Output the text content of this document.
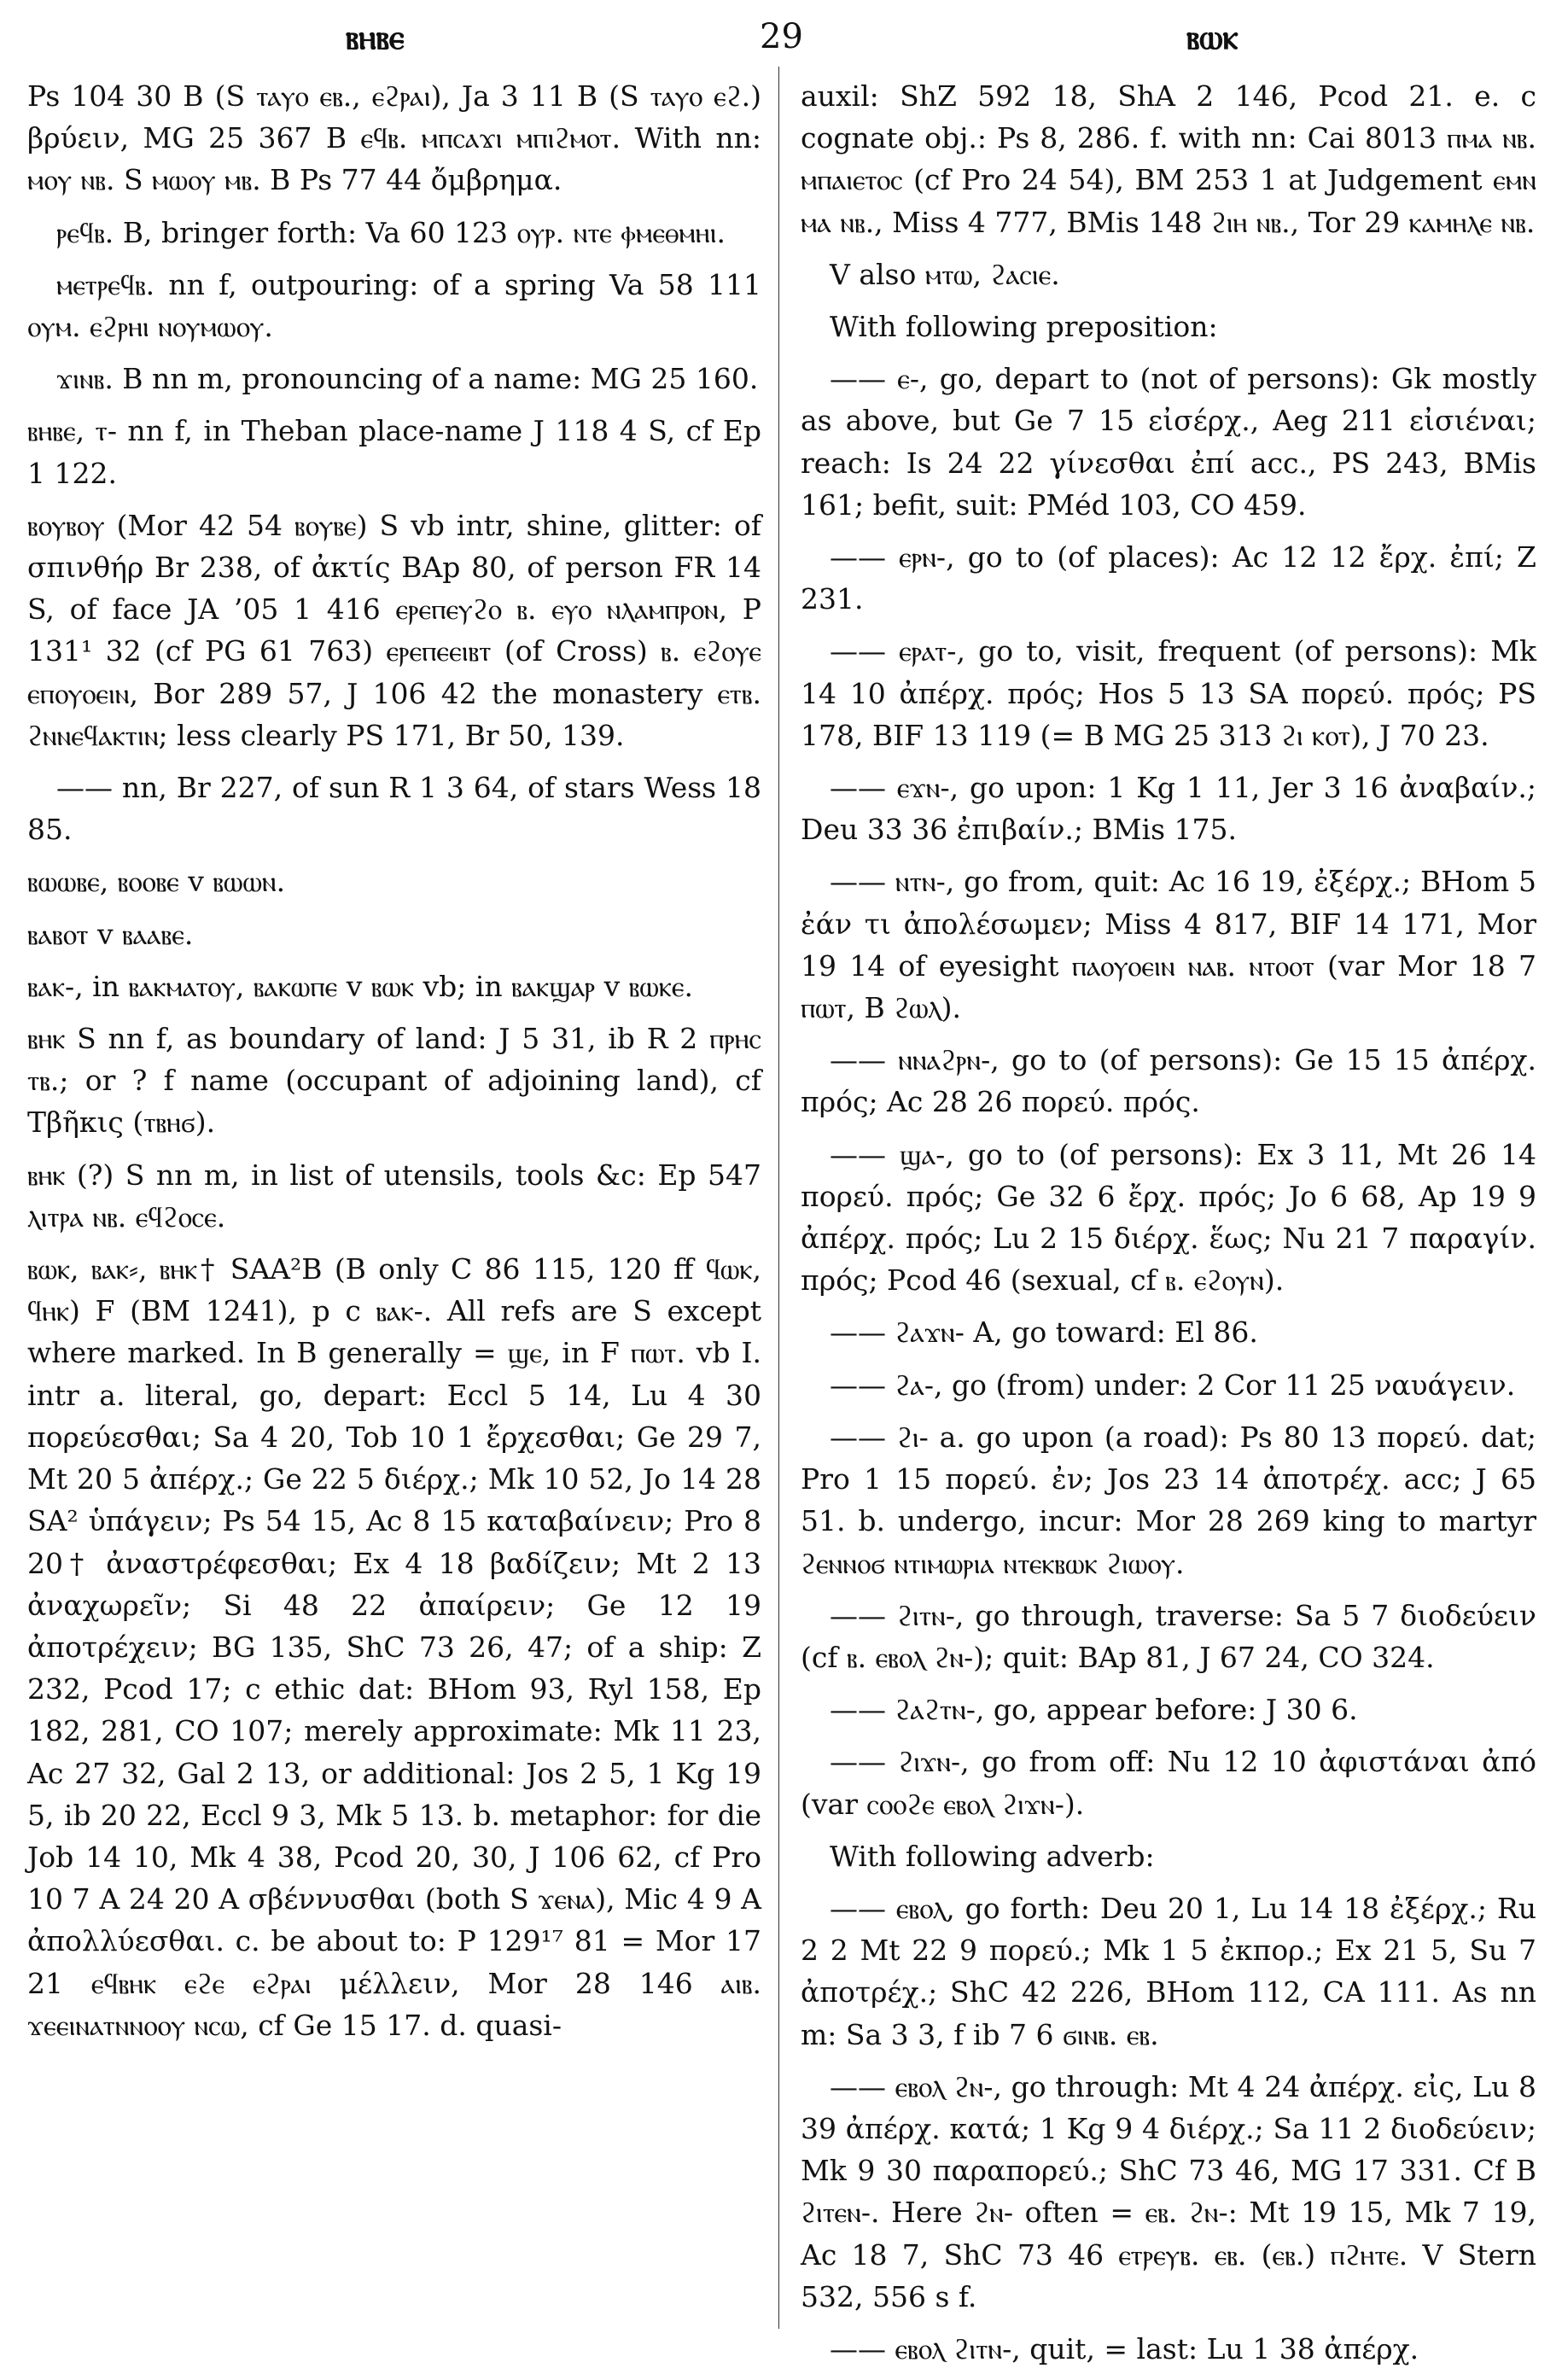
ⲃⲏⲃⲉ	29	ⲃⲱⲕ

Ps 104 30 B (S ⲧⲁⲩⲟ ⲉⲃ., ⲉϩⲣⲁⲓ), Ja 3 11 B (S ⲧⲁⲩⲟ ⲉϩ.) βρύειν, MG 25 367 B ⲉϥⲃ. ⲙⲡⲥⲁϫⲓ ⲙⲡⲓϩⲙⲟⲧ. With nn: ⲙⲟⲩ ⲛⲃ. S ⲙⲱⲟⲩ ⲙⲃ. B Ps 77 44 ὄμβρημα.

ⲣⲉϥⲃ. B, bringer forth: Va 60 123 ⲟⲩⲣ. ⲛⲧⲉ ⲫⲙⲉⲑⲙⲏⲓ.

ⲙⲉⲧⲣⲉϥⲃ. nn f, outpouring: of a spring Va 58 111 ⲟⲩⲙ. ⲉϩⲣⲏⲓ ⲛⲟⲩⲙⲱⲟⲩ.

ϫⲓⲛⲃ. B nn m, pronouncing of a name: MG 25 160.

ⲃⲏⲃⲉ, ⲧ- nn f, in Theban place-name J 118 4 S, cf Ep 1 122.

ⲃⲟⲩⲃⲟⲩ (Mor 42 54 ⲃⲟⲩⲃⲉ) S vb intr, shine, glitter: of σπινθήρ Br 238, of ἀκτίς BAp 80, of person FR 14 S, of face JA ’05 1 416 ⲉⲣⲉⲡⲉⲩϩⲟ ⲃ. ⲉⲩⲟ ⲛⲗⲁⲙⲡⲣⲟⲛ, P 131¹ 32 (cf PG 61 763) ⲉⲣⲉⲡⲉⲉⲓⲃⲧ (of Cross) ⲃ. ⲉϩⲟⲩⲉ ⲉⲡⲟⲩⲟⲉⲓⲛ, Bor 289 57, J 106 42 the monastery ⲉⲧⲃ. ϩⲛⲛⲉϥⲁⲕⲧⲓⲛ; less clearly PS 171, Br 50, 139.

—— nn, Br 227, of sun R 1 3 64, of stars Wess 18 85.

ⲃⲱⲱⲃⲉ, ⲃⲟⲟⲃⲉ v ⲃⲱⲱⲛ.

ⲃⲁⲃⲟⲧ v ⲃⲁⲁⲃⲉ.

ⲃⲁⲕ-, in ⲃⲁⲕⲙⲁⲧⲟⲩ, ⲃⲁⲕⲱⲡⲉ v ⲃⲱⲕ vb; in ⲃⲁⲕϣⲁⲣ v ⲃⲱⲕⲉ.

ⲃⲏⲕ S nn f, as boundary of land: J 5 31, ib R 2 ⲡⲣⲏⲥ ⲧⲃ.; or ? f name (occupant of adjoining land), cf Τβῆκις (ⲧⲃⲏϭ).

ⲃⲏⲕ (?) S nn m, in list of utensils, tools &c: Ep 547 ⲗⲓⲧⲣⲁ ⲛⲃ. ⲉϥϩⲟⲥⲉ.

ⲃⲱⲕ, ⲃⲁⲕ⸗, ⲃⲏⲕ† SAA²B (B only C 86 115, 120 ff ϥⲱⲕ, ϥⲏⲕ) F (BM 1241), p c ⲃⲁⲕ-. All refs are S except where marked. In B generally = ϣⲉ, in F ⲡⲱⲧ. vb I. intr a. literal, go, depart: Eccl 5 14, Lu 4 30 πορεύεσθαι; Sa 4 20, Tob 10 1 ἔρχεσθαι; Ge 29 7, Mt 20 5 ἀπέρχ.; Ge 22 5 διέρχ.; Mk 10 52, Jo 14 28 SA² ὑπάγειν; Ps 54 15, Ac 8 15 καταβαίνειν; Pro 8 20† ἀναστρέφεσθαι; Ex 4 18 βαδίζειν; Mt 2 13 ἀναχωρεῖν; Si 48 22 ἀπαίρειν; Ge 12 19 ἀποτρέχειν; BG 135, ShC 73 26, 47; of a ship: Z 232, Pcod 17; c ethic dat: BHom 93, Ryl 158, Ep 182, 281, CO 107; merely approximate: Mk 11 23, Ac 27 32, Gal 2 13, or additional: Jos 2 5, 1 Kg 19 5, ib 20 22, Eccl 9 3, Mk 5 13. b. metaphor: for die Job 14 10, Mk 4 38, Pcod 20, 30, J 106 62, cf Pro 10 7 A 24 20 A σβέννυσθαι (both S ϫⲉⲛⲁ), Mic 4 9 A ἀπολλύεσθαι. c. be about to: P 129¹⁷ 81 = Mor 17 21 ⲉϥⲃⲏⲕ ⲉϩⲉ ⲉϩⲣⲁⲓ μέλλειν, Mor 28 146 ⲁⲓⲃ. ϫⲉⲉⲓⲛⲁⲧⲛⲛⲟⲟⲩ ⲛⲥⲱ, cf Ge 15 17. d. quasi-

auxil: ShZ 592 18, ShA 2 146, Pcod 21. e. c cognate obj.: Ps 8, 286. f. with nn: Cai 8013 ⲡⲙⲁ ⲛⲃ. ⲙⲡⲁⲓⲉⲧⲟⲥ (cf Pro 24 54), BM 253 1 at Judgement ⲉⲙⲛ ⲙⲁ ⲛⲃ., Miss 4 777, BMis 148 ϩⲓⲏ ⲛⲃ., Tor 29 ⲕⲁⲙⲏⲗⲉ ⲛⲃ.

V also ⲙⲧⲱ, ϩⲁⲥⲓⲉ.

With following preposition:

—— ⲉ-, go, depart to (not of persons): Gk mostly as above, but Ge 7 15 εἰσέρχ., Aeg 211 εἰσιέναι; reach: Is 24 22 γίνεσθαι ἐπί acc., PS 243, BMis 161; befit, suit: PMéd 103, CO 459.

—— ⲉⲣⲛ-, go to (of places): Ac 12 12 ἔρχ. ἐπί; Z 231.

—— ⲉⲣⲁⲧ-, go to, visit, frequent (of persons): Mk 14 10 ἀπέρχ. πρός; Hos 5 13 SA πορεύ. πρός; PS 178, BIF 13 119 (= B MG 25 313 ϩⲓ ⲕⲟⲧ), J 70 23.

—— ⲉϫⲛ-, go upon: 1 Kg 1 11, Jer 3 16 ἀναβαίν.; Deu 33 36 ἐπιβαίν.; BMis 175.

—— ⲛⲧⲛ-, go from, quit: Ac 16 19, ἐξέρχ.; BHom 5 ἐάν τι ἀπολέσωμεν; Miss 4 817, BIF 14 171, Mor 19 14 of eyesight ⲡⲁⲟⲩⲟⲉⲓⲛ ⲛⲁⲃ. ⲛⲧⲟⲟⲧ (var Mor 18 7 ⲡⲱⲧ, B ϩⲱⲗ).

—— ⲛⲛⲁϩⲣⲛ-, go to (of persons): Ge 15 15 ἀπέρχ. πρός; Ac 28 26 πορεύ. πρός.

—— ϣⲁ-, go to (of persons): Ex 3 11, Mt 26 14 πορεύ. πρός; Ge 32 6 ἔρχ. πρός; Jo 6 68, Ap 19 9 ἀπέρχ. πρός; Lu 2 15 διέρχ. ἕως; Nu 21 7 παραγίν. πρός; Pcod 46 (sexual, cf ⲃ. ⲉϩⲟⲩⲛ).

—— ϩⲁϫⲛ- A, go toward: El 86.

—— ϩⲁ-, go (from) under: 2 Cor 11 25 ναυάγειν.

—— ϩⲓ- a. go upon (a road): Ps 80 13 πορεύ. dat; Pro 1 15 πορεύ. ἐν; Jos 23 14 ἀποτρέχ. acc; J 65 51. b. undergo, incur: Mor 28 269 king to martyr ϩⲉⲛⲛⲟϭ ⲛⲧⲓⲙⲱⲣⲓⲁ ⲛⲧⲉⲕⲃⲱⲕ ϩⲓⲱⲟⲩ.

—— ϩⲓⲧⲛ-, go through, traverse: Sa 5 7 διοδεύειν (cf ⲃ. ⲉⲃⲟⲗ ϩⲛ-); quit: BAp 81, J 67 24, CO 324.

—— ϩⲁϩⲧⲛ-, go, appear before: J 30 6.

—— ϩⲓϫⲛ-, go from off: Nu 12 10 ἀφιστάναι ἀπό (var ⲥⲟⲟϩⲉ ⲉⲃⲟⲗ ϩⲓϫⲛ-).

With following adverb:

—— ⲉⲃⲟⲗ, go forth: Deu 20 1, Lu 14 18 ἐξέρχ.; Ru 2 2 Mt 22 9 πορεύ.; Mk 1 5 ἐκπορ.; Ex 21 5, Su 7 ἀποτρέχ.; ShC 42 226, BHom 112, CA 111. As nn m: Sa 3 3, f ib 7 6 ϭⲓⲛⲃ. ⲉⲃ.

—— ⲉⲃⲟⲗ ϩⲛ-, go through: Mt 4 24 ἀπέρχ. εἰς, Lu 8 39 ἀπέρχ. κατά; 1 Kg 9 4 διέρχ.; Sa 11 2 διοδεύειν; Mk 9 30 παραπορεύ.; ShC 73 46, MG 17 331. Cf B ϩⲓⲧⲉⲛ-. Here ϩⲛ- often = ⲉⲃ. ϩⲛ-: Mt 19 15, Mk 7 19, Ac 18 7, ShC 73 46 ⲉⲧⲣⲉⲩⲃ. ⲉⲃ. (ⲉⲃ.) ⲡϩⲏⲧⲉ. V Stern 532, 556 s f.

—— ⲉⲃⲟⲗ ϩⲓⲧⲛ-, quit, = last: Lu 1 38 ἀπέρχ.
